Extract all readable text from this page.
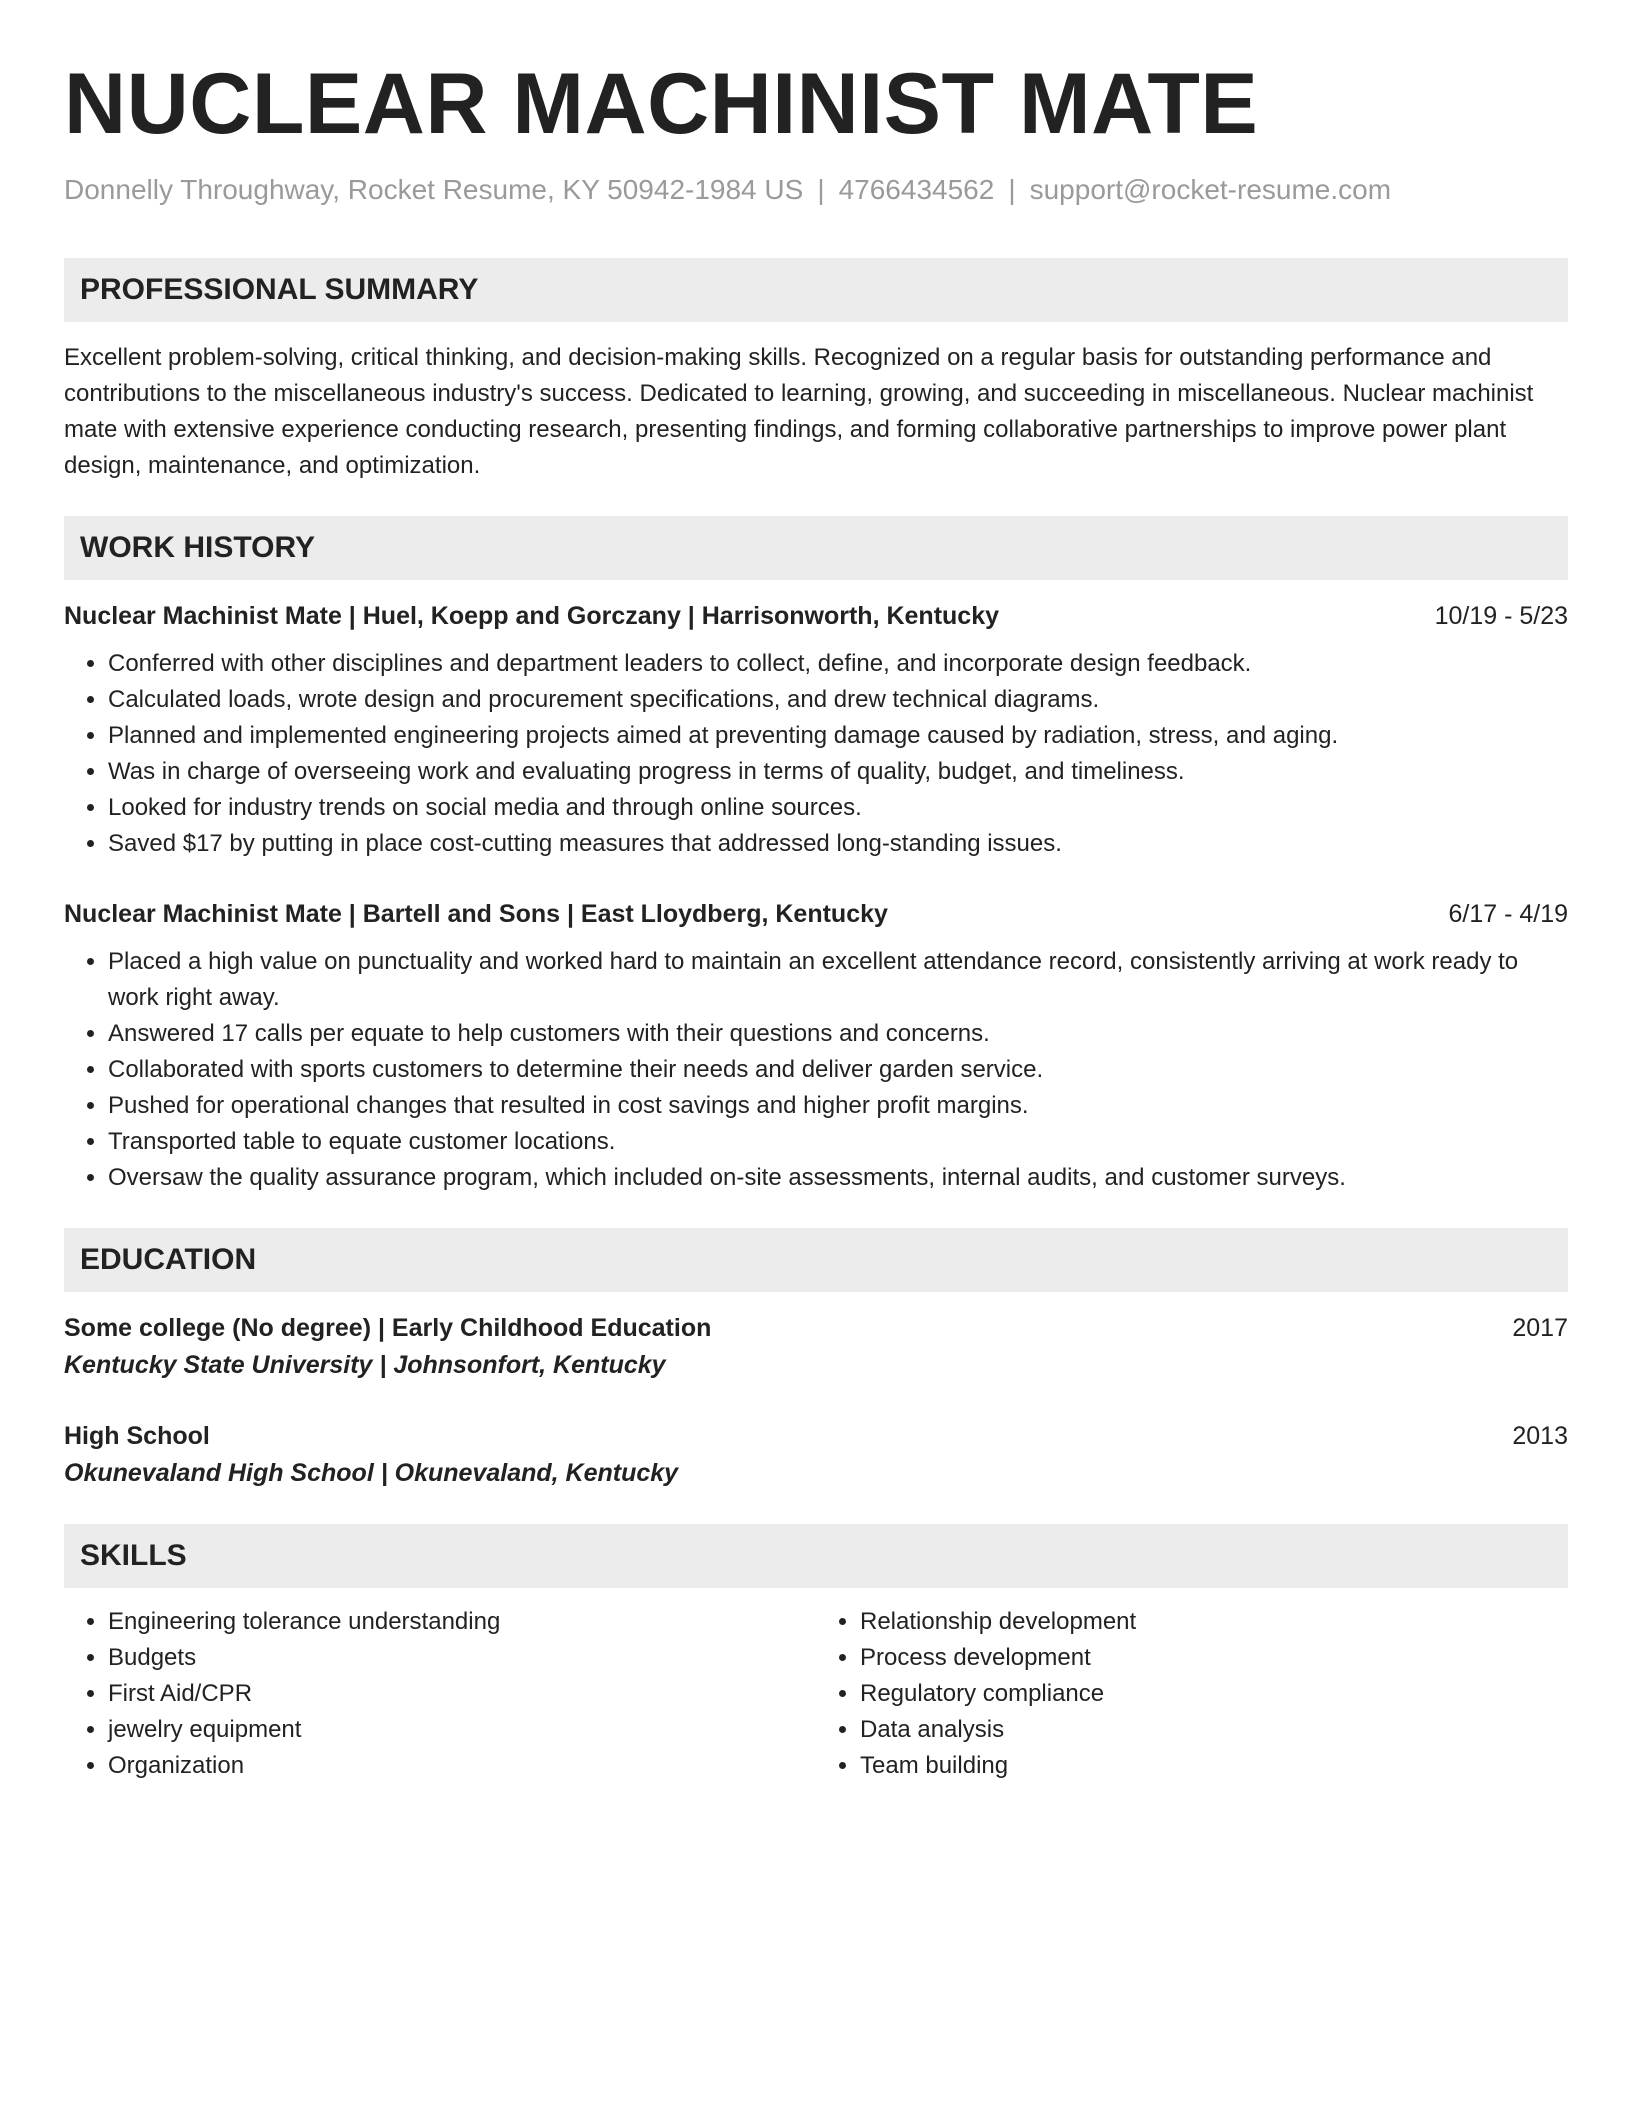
NUCLEAR MACHINIST MATE
Donnelly Throughway, Rocket Resume, KY 50942-1984 US | 4766434562 | support@rocket-resume.com
PROFESSIONAL SUMMARY

Excellent problem-solving, critical thinking, and decision-making skills. Recognized on a regular basis for outstanding performance and contributions to the miscellaneous industry's success. Dedicated to learning, growing, and succeeding in miscellaneous. Nuclear machinist mate with extensive experience conducting research, presenting findings, and forming collaborative partnerships to improve power plant design, maintenance, and optimization.

WORK HISTORY
Nuclear Machinist Mate | Huel, Koepp and Gorczany | Harrisonworth, Kentucky	10/19 - 5/23
• Conferred with other disciplines and department leaders to collect, define, and incorporate design feedback.
• Calculated loads, wrote design and procurement specifications, and drew technical diagrams.
• Planned and implemented engineering projects aimed at preventing damage caused by radiation, stress, and aging.
• Was in charge of overseeing work and evaluating progress in terms of quality, budget, and timeliness.
• Looked for industry trends on social media and through online sources.
• Saved $17 by putting in place cost-cutting measures that addressed long-standing issues.
Nuclear Machinist Mate | Bartell and Sons | East Lloydberg, Kentucky	6/17 - 4/19
• Placed a high value on punctuality and worked hard to maintain an excellent attendance record, consistently arriving at work ready to work right away.
• Answered 17 calls per equate to help customers with their questions and concerns.
• Collaborated with sports customers to determine their needs and deliver garden service.
• Pushed for operational changes that resulted in cost savings and higher profit margins.
• Transported table to equate customer locations.
• Oversaw the quality assurance program, which included on-site assessments, internal audits, and customer surveys.
EDUCATION
Some college (No degree) | Early Childhood Education	2017
Kentucky State University | Johnsonfort, Kentucky
High School	2013
Okunevaland High School | Okunevaland, Kentucky
SKILLS
• Engineering tolerance understanding
• Budgets
• First Aid/CPR
• jewelry equipment
• Organization
• Relationship development
• Process development
• Regulatory compliance
• Data analysis
• Team building
